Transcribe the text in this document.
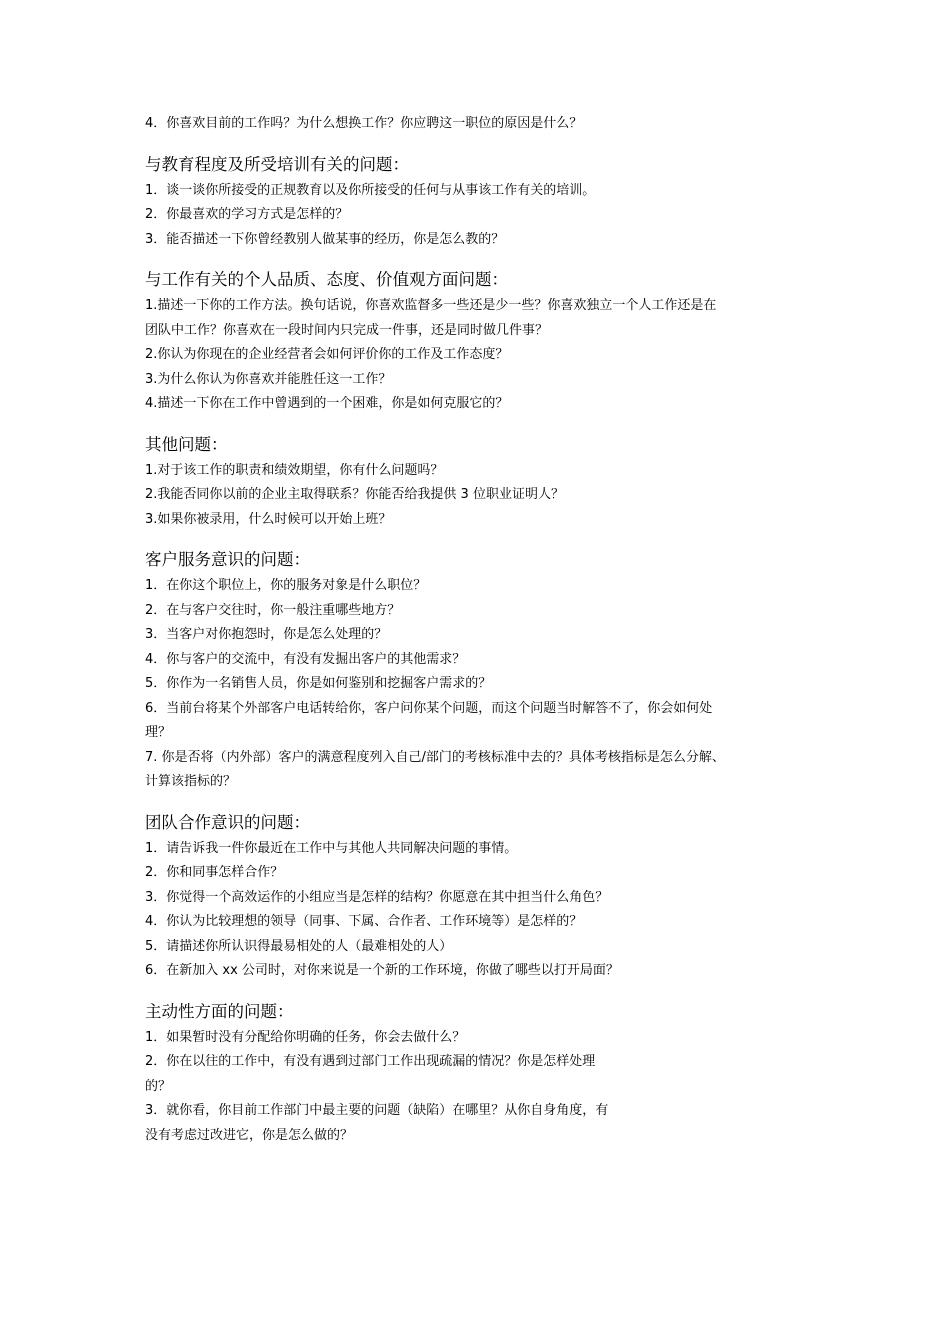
4．你喜欢目前的工作吗？为什么想换工作？你应聘这一职位的原因是什么？

与教育程度及所受培训有关的问题：

1．谈一谈你所接受的正规教育以及你所接受的任何与从事该工作有关的培训。

2．你最喜欢的学习方式是怎样的？

3．能否描述一下你曾经教别人做某事的经历，你是怎么教的？

与工作有关的个人品质、态度、价值观方面问题：

1.描述一下你的工作方法。换句话说，你喜欢监督多一些还是少一些？你喜欢独立一个人工作还是在

团队中工作？你喜欢在一段时间内只完成一件事，还是同时做几件事？

2.你认为你现在的企业经营者会如何评价你的工作及工作态度？

3.为什么你认为你喜欢并能胜任这一工作？

4.描述一下你在工作中曾遇到的一个困难，你是如何克服它的？

其他问题：

1.对于该工作的职责和绩效期望，你有什么问题吗？

2.我能否同你以前的企业主取得联系？你能否给我提供 3 位职业证明人？

3.如果你被录用，什么时候可以开始上班？

客户服务意识的问题：

1．在你这个职位上，你的服务对象是什么职位？

2．在与客户交往时，你一般注重哪些地方？

3．当客户对你抱怨时，你是怎么处理的？

4．你与客户的交流中，有没有发掘出客户的其他需求？

5．你作为一名销售人员，你是如何鉴别和挖掘客户需求的？

6．当前台将某个外部客户电话转给你，客户问你某个问题，而这个问题当时解答不了，你会如何处

理？

7. 你是否将（内外部）客户的满意程度列入自己/部门的考核标准中去的？具体考核指标是怎么分解、

计算该指标的？

团队合作意识的问题：

1．请告诉我一件你最近在工作中与其他人共同解决问题的事情。

2．你和同事怎样合作？

3．你觉得一个高效运作的小组应当是怎样的结构？你愿意在其中担当什么角色？

4．你认为比较理想的领导（同事、下属、合作者、工作环境等）是怎样的？

5．请描述你所认识得最易相处的人（最难相处的人）

6．在新加入 xx 公司时，对你来说是一个新的工作环境，你做了哪些以打开局面？

主动性方面的问题：

1．如果暂时没有分配给你明确的任务，你会去做什么？

2．你在以往的工作中，有没有遇到过部门工作出现疏漏的情况？你是怎样处理

的？

3．就你看，你目前工作部门中最主要的问题（缺陷）在哪里？从你自身角度，有

没有考虑过改进它，你是怎么做的？
